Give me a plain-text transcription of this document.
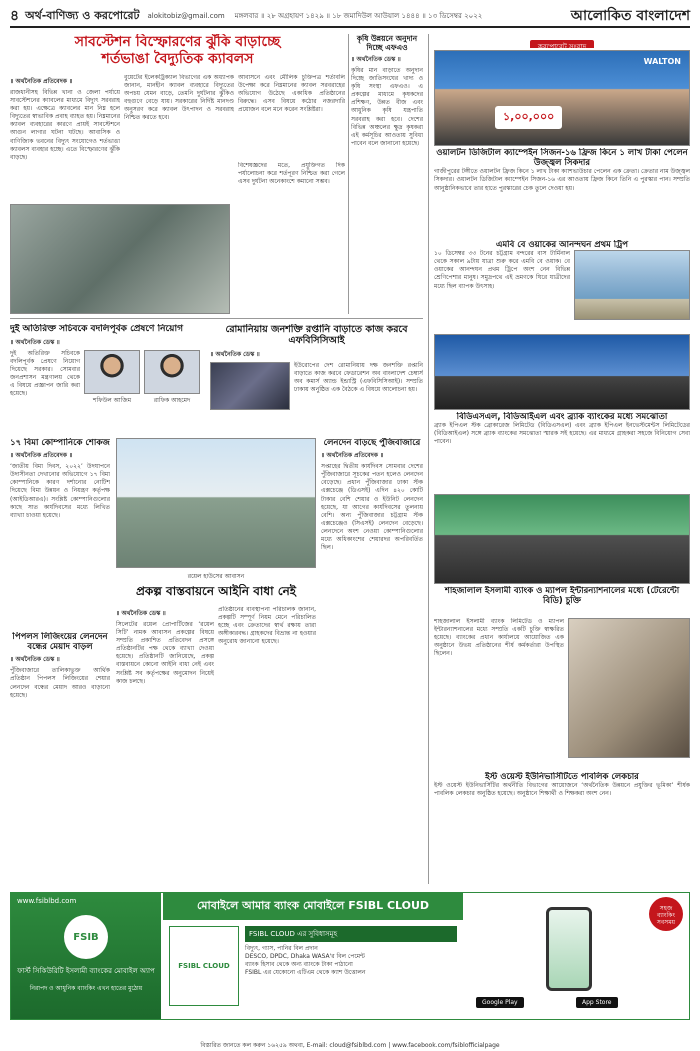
৪ অর্থ-বাণিজ্য ও করপোরেট alokitobiz@gmail.com মঙ্গলবার ॥ ২৮ অগ্রহায়ণ ১৪২৯ ॥ ১৮ জমাদিউল আউয়াল ১৪৪৪ ॥ ১৩ ডিসেম্বর ২০২২	আলোকিত বাংলাদেশ
সাবস্টেশন বিস্ফোরণের ঝুঁকি বাড়াচ্ছে
শর্তভাঙা বৈদ্যুতিক ক্যাবলস
॥ অর্থনৈতিক প্রতিবেদক ॥
রাজধানীসহ বিভিন্ন খানা ও জেলা পর্যায়ে সাবস্টেশনের ক্যাবলের মাধ্যমে বিদ্যুৎ সরবরাহ করা হয়। এক্ষেত্রে ক্যাবলের মান নিম্ন হলে বিদ্যুতের স্বাভাবিক প্রবাহ ব্যাহত হয়। নিম্নমানের ক্যাবল ব্যবহারের কারণে প্রায়ই সাবস্টেশনে আগুন লাগার ঘটনা ঘটছে। আবাসিক ও বাণিজ্যিক ভবনের বিদ্যুৎ সংযোগেও শর্তভাঙা ক্যাবলস ব্যবহার হচ্ছে। এতে বিস্ফোরণের ঝুঁকি বাড়ছে।
বুয়েটের ইলেকট্রিক্যাল বিভাগের এক অধ্যাপক জানান, মানহীন ক্যাবল ব্যবহারে বিদ্যুতের অপচয় যেমন বাড়ে, তেমনি দুর্ঘটনার ঝুঁকিও বহুগুণে বেড়ে যায়। সরকারের নির্দিষ্ট মানদণ্ড অনুসরণ করে ক্যাবল উৎপাদন ও সরবরাহ নিশ্চিত করতে হবে।
আবাসনে এবং মৌলিক চুক্তিপত্র শর্তাবলি উপেক্ষা করে নিম্নমানের ক্যাবল সরবরাহের অভিযোগ উঠেছে একাধিক প্রতিষ্ঠানের বিরুদ্ধে। এসব বিষয়ে কঠোর নজরদারি প্রয়োজন বলে মনে করেন সংশ্লিষ্টরা।
বিশেষজ্ঞদের মতে, প্রযুক্তিগত দিক পর্যালোচনা করে শর্তপূরণ নিশ্চিত করা গেলে এসব দুর্ঘটনা অনেকাংশে কমানো সম্ভব।
কৃষি উন্নয়নে অনুদান দিচ্ছে এফএও
॥ অর্থনৈতিক ডেস্ক ॥
কৃষির মান বাড়াতে অনুদান দিচ্ছে জাতিসংঘের খাদ্য ও কৃষি সংস্থা এফএও। এ প্রকল্পের মাধ্যমে কৃষকদের প্রশিক্ষণ, উন্নত বীজ এবং আধুনিক কৃষি যন্ত্রপাতি সরবরাহ করা হবে। দেশের বিভিন্ন অঞ্চলের ক্ষুদ্র কৃষকরা এই কর্মসূচির আওতায় সুবিধা পাবেন বলে জানানো হয়েছে।
দুই অতিরিক্ত সচিবকে বদলিপূর্বক প্রেষণে নিয়োগ
॥ অর্থনৈতিক ডেস্ক ॥
দুই অতিরিক্ত সচিবকে বদলিপূর্বক প্রেষণে নিয়োগ দিয়েছে সরকার। সোমবার জনপ্রশাসন মন্ত্রণালয় থেকে এ বিষয়ে প্রজ্ঞাপন জারি করা হয়েছে।
শফিউল আজিম	রাফিক আহমেদ
রোমানিয়ায় জনশক্তি রপ্তানি বাড়াতে কাজ করবে এফবিসিসিআই
॥ অর্থনৈতিক ডেস্ক ॥
ইউরোপের দেশ রোমানিয়ায় দক্ষ জনশক্তি রপ্তানি বাড়াতে কাজ করবে ফেডারেশন অব বাংলাদেশ চেম্বার্স অব কমার্স অ্যান্ড ইন্ডাস্ট্রি (এফবিসিসিআই)। সম্প্রতি ঢাকায় অনুষ্ঠিত এক বৈঠকে এ বিষয়ে আলোচনা হয়।
১৭ বিমা কোম্পানিকে শোকজ
॥ অর্থনৈতিক প্রতিবেদক ॥
‘জাতীয় বিমা দিবস, ২০২২’ উদযাপনে উদাসীনতা দেখানোর অভিযোগে ১৭ বিমা কোম্পানিকে কারণ দর্শানোর নোটিশ দিয়েছে বিমা উন্নয়ন ও নিয়ন্ত্রণ কর্তৃপক্ষ (আইডিআরএ)। সংশ্লিষ্ট কোম্পানিগুলোর কাছে সাত কার্যদিবসের মধ্যে লিখিত ব্যাখ্যা চাওয়া হয়েছে।
রয়েল হাউসের আবাসন
লেনদেন বাড়ছে পুঁজিবাজারে
॥ অর্থনৈতিক প্রতিবেদক ॥
সপ্তাহের দ্বিতীয় কার্যদিবস সোমবার দেশের পুঁজিবাজারে সূচকের পতন হলেও লেনদেন বেড়েছে। প্রধান পুঁজিবাজার ঢাকা স্টক এক্সচেঞ্জে (ডিএসই) এদিন ৪২০ কোটি টাকার বেশি শেয়ার ও ইউনিট লেনদেন হয়েছে, যা আগের কার্যদিবসের তুলনায় বেশি। অন্য পুঁজিবাজার চট্টগ্রাম স্টক এক্সচেঞ্জেও (সিএসই) লেনদেন বেড়েছে। লেনদেনে অংশ নেওয়া কোম্পানিগুলোর মধ্যে অধিকাংশের শেয়ারদর অপরিবর্তিত ছিল।
প্রকল্প বাস্তবায়নে আইনি বাধা নেই
॥ অর্থনৈতিক ডেস্ক ॥
সিলেটের রয়েল প্রোপার্টিজের ‘রয়েল সিটি’ নামক আবাসন প্রকল্পের বিষয়ে সম্প্রতি প্রকাশিত প্রতিবেদন প্রসঙ্গে প্রতিষ্ঠানটির পক্ষ থেকে ব্যাখ্যা দেওয়া হয়েছে। প্রতিষ্ঠানটি জানিয়েছে, প্রকল্প বাস্তবায়নে কোনো আইনি বাধা নেই এবং সংশ্লিষ্ট সব কর্তৃপক্ষের অনুমোদন নিয়েই কাজ চলছে।
প্রতিষ্ঠানের ব্যবস্থাপনা পরিচালক জানান, প্রকল্পটি সম্পূর্ণ নিয়ম মেনে পরিচালিত হচ্ছে এবং ক্রেতাদের স্বার্থ রক্ষায় তারা অঙ্গীকারবদ্ধ। গ্রাহকদের বিভ্রান্ত না হওয়ার অনুরোধ জানানো হয়েছে।
পিপলস লিজিংয়ের লেনদেন বন্ধের মেয়াদ বাড়ল
॥ অর্থনৈতিক ডেস্ক ॥
পুঁজিবাজারে তালিকাভুক্ত আর্থিক প্রতিষ্ঠান পিপলস লিজিংয়ের শেয়ার লেনদেন বন্ধের মেয়াদ আরও বাড়ানো হয়েছে।
করপোরেট সংবাদ
১,০০,০০০
WALTON
ওয়ালটন ডিজিটাল ক্যাম্পেইন সিজন-১৬ ফ্রিজ কিনে ১ লাখ টাকা পেলেন উজ্জ্বল সিকদার
গাজীপুরের টঙ্গীতে ওয়ালটন ফ্রিজ কিনে ১ লাখ টাকা ক্যাশভাউচার পেলেন এক ক্রেতা। ক্রেতার নাম উজ্জ্বল সিকদার। ওয়ালটন ডিজিটাল ক্যাম্পেইন সিজন-১৬ এর আওতায় ফ্রিজ কিনে তিনি এ পুরস্কার পান। সম্প্রতি আনুষ্ঠানিকভাবে তার হাতে পুরস্কারের চেক তুলে দেওয়া হয়।
এমবি বে ওয়াকের আনন্দঘন প্রথম ট্রিপ
১০ ডিসেম্বর ৩৩ টনের চট্টগ্রাম বন্দরের বাস টার্মিনাল থেকে সকাল ৯টায় যাত্রা শুরু করে এমবি বে ওয়াক। বে ওয়াকের আনন্দঘন প্রথম ট্রিপে অংশ নেন বিভিন্ন শ্রেণিপেশার মানুষ। সমুদ্রপথে এই ভ্রমণকে ঘিরে যাত্রীদের মধ্যে ছিল ব্যাপক উৎসাহ।
বিডিএসএল, বিডিআইএল এবং ব্র্যাক ব্যাংকের মধ্যে সমঝোতা
ব্র্যাক ইপিএল স্টক ব্রোকারেজ লিমিটেড (বিডিএসএল) এবং ব্র্যাক ইপিএল ইনভেস্টমেন্টস লিমিটেডের (বিডিআইএল) সঙ্গে ব্র্যাক ব্যাংকের সমঝোতা স্মারক সই হয়েছে। এর মাধ্যমে গ্রাহকরা সহজে বিনিয়োগ সেবা পাবেন।
শাহজালাল ইসলামী ব্যাংক ও ম্যাপল ইন্টারন্যাশনালের মধ্যে (টেরেন্টো বিডি) চুক্তি
শাহজালাল ইসলামী ব্যাংক লিমিটেড ও ম্যাপল ইন্টারন্যাশনালের মধ্যে সম্প্রতি একটি চুক্তি স্বাক্ষরিত হয়েছে। ব্যাংকের প্রধান কার্যালয়ে আয়োজিত এক অনুষ্ঠানে উভয় প্রতিষ্ঠানের শীর্ষ কর্মকর্তারা উপস্থিত ছিলেন।
ইস্ট ওয়েস্ট ইউনিভার্সিটিতে পাবলিক লেকচার
ইস্ট ওয়েস্ট ইউনিভার্সিটির অর্থনীতি বিভাগের আয়োজনে ‘অর্থনৈতিক উন্নয়নে প্রযুক্তির ভূমিকা’ শীর্ষক পাবলিক লেকচার অনুষ্ঠিত হয়েছে। অনুষ্ঠানে শিক্ষার্থী ও শিক্ষকরা অংশ নেন।
www.fsiblbd.com
FSIB
ফার্স্ট সিকিউরিটি ইসলামী ব্যাংকের মোবাইল অ্যাপ
নিরাপদ ও আধুনিক ব্যাংকিং এখন হাতের মুঠোয়
মোবাইলে আমার ব্যাংক মোবাইলে FSIBL CLOUD
FSIBL CLOUD
FSIBL CLOUD এর সুবিধাসমূহ
বিদ্যুৎ, গ্যাস, পানির বিল প্রদান
DESCO, DPDC, Dhaka WASA'র বিল পেমেন্ট
ব্যাংক হিসাব থেকে অন্য ব্যাংকে টাকা পাঠানো
FSIBL এর যেকোনো এটিএম থেকে ক্যাশ উত্তোলন
সহজ ব্যাংকিং সবসময়
Google Play	App Store
বিস্তারিত জানতে কল করুন ১৬২৫৯ অথবা, E-mail: cloud@fsiblbd.com | www.facebook.com/fsiblofficialpage
